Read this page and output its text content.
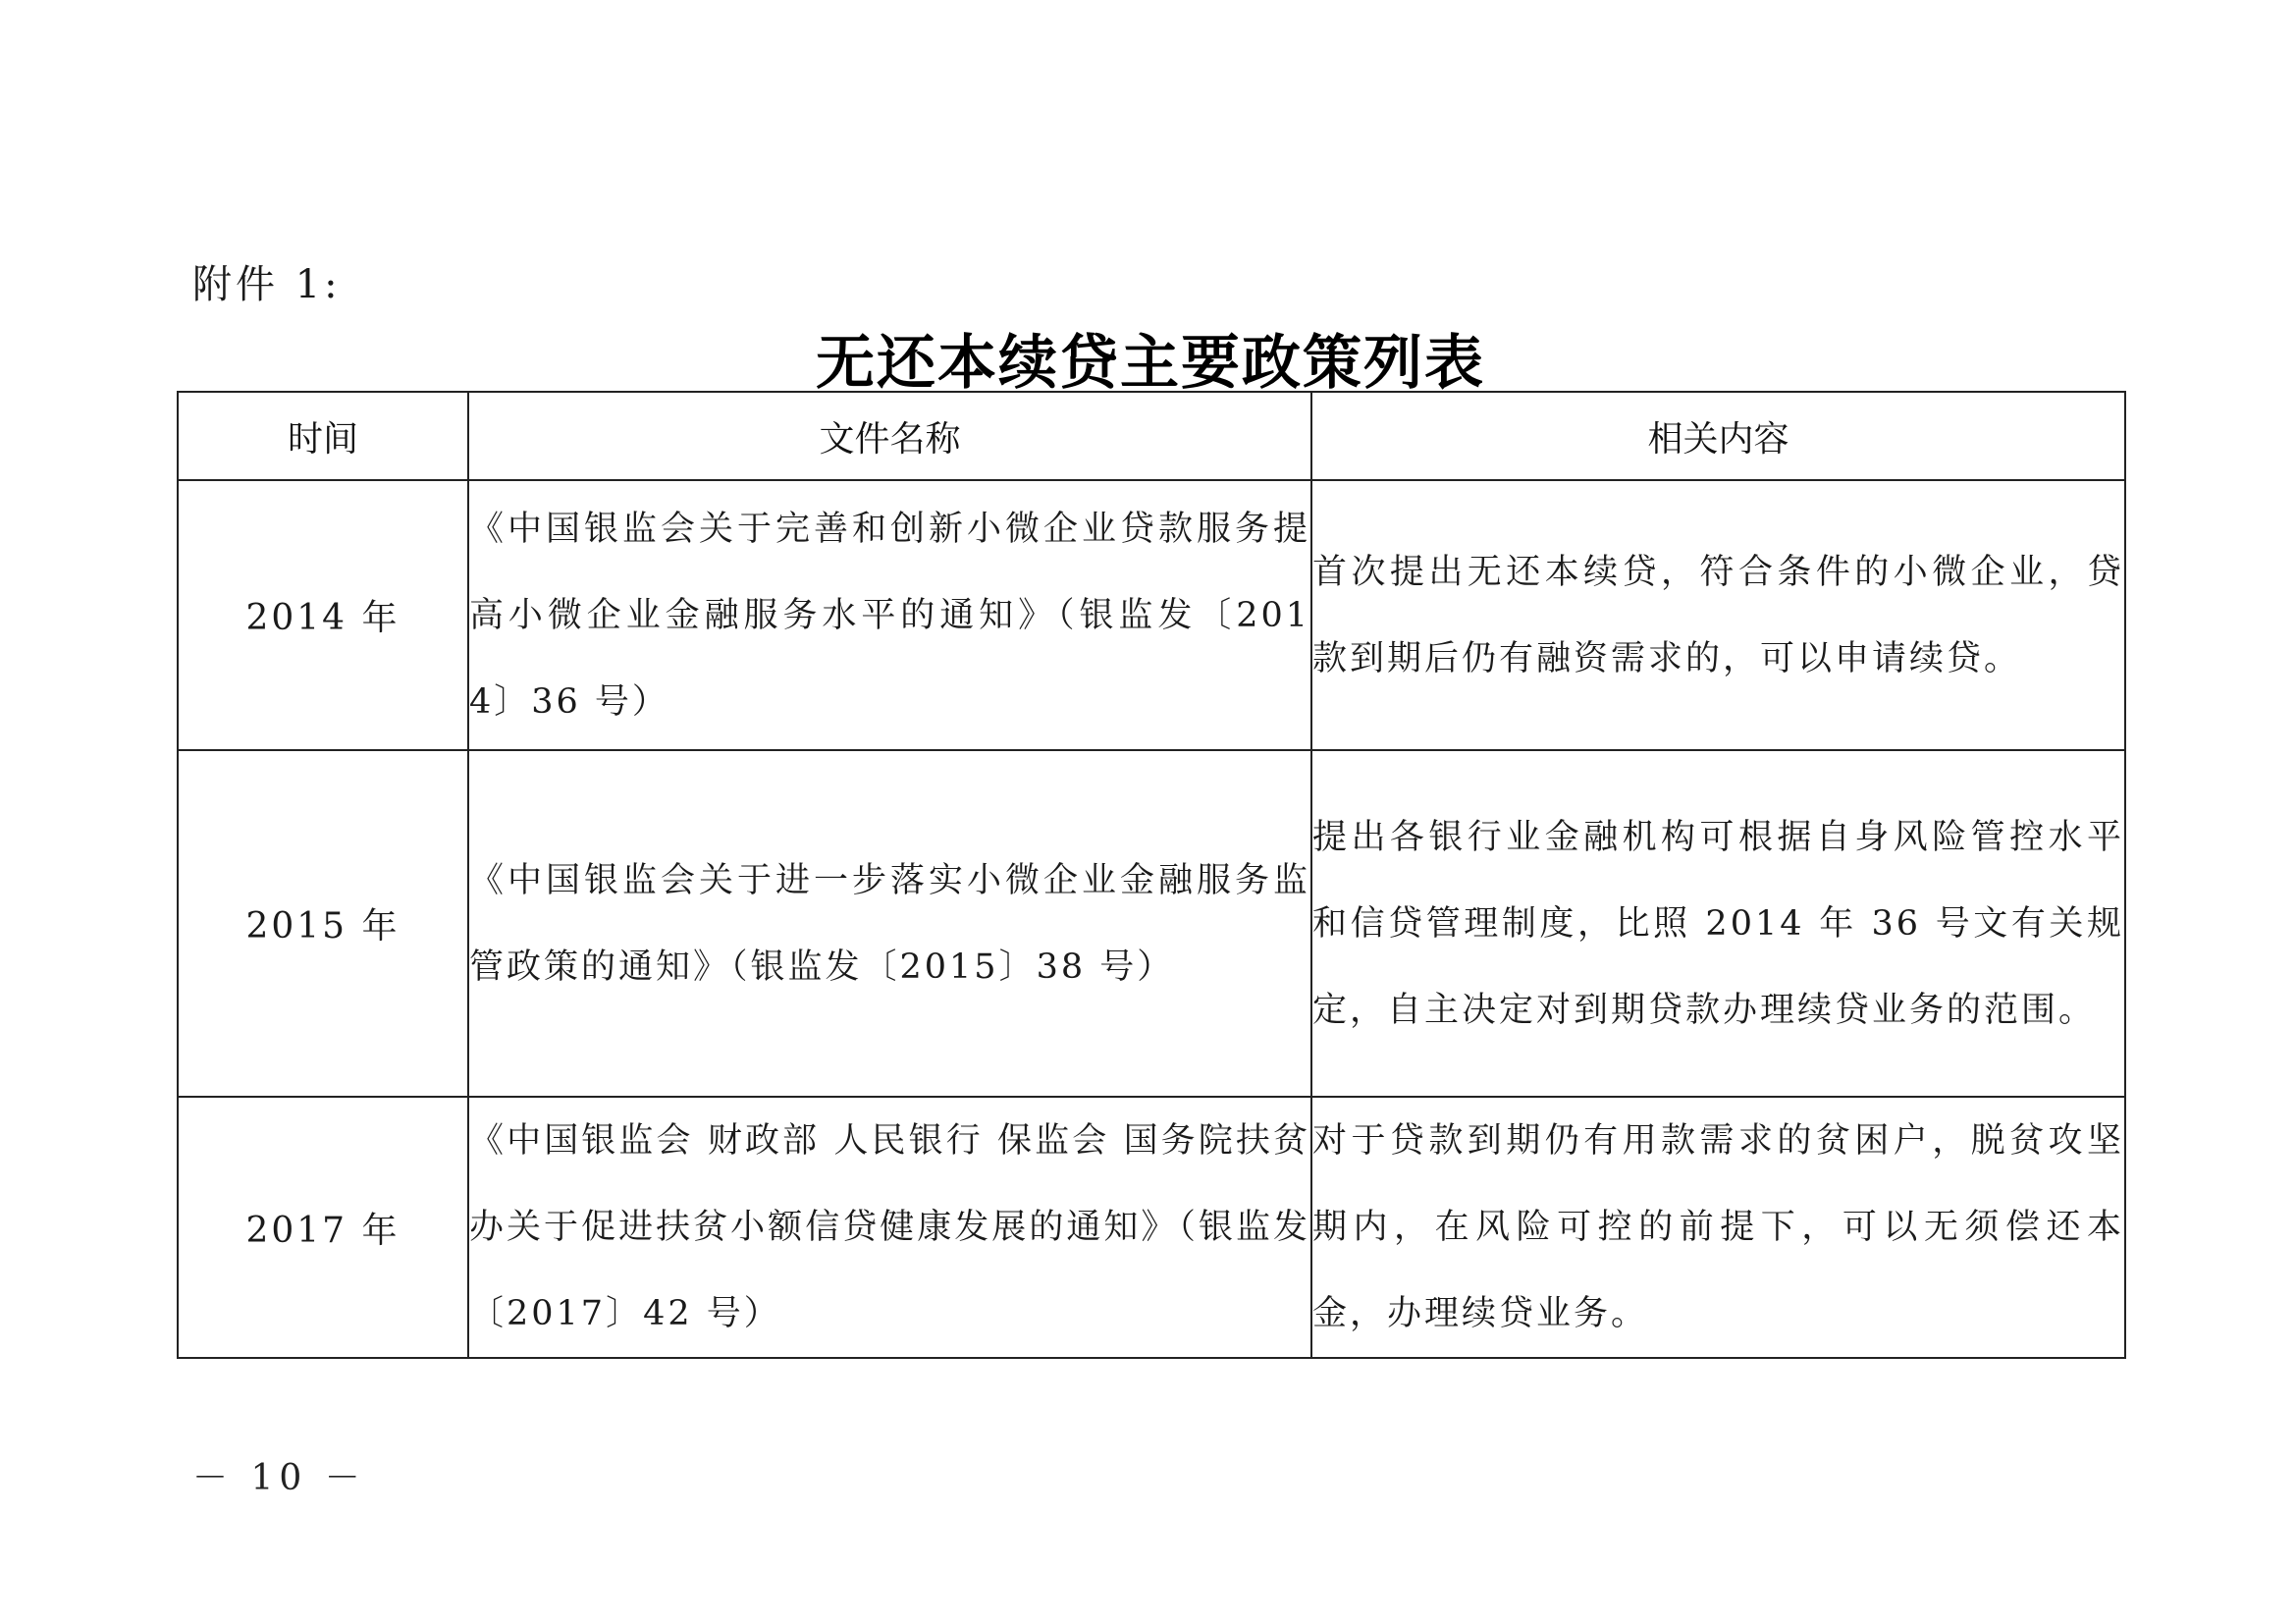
附件 1:
无还本续贷主要政策列表
时间	文件名称	相关内容
2014 年	《中国银监会关于完善和创新小微企业贷款服务提高小微企业金融服务水平的通知》（银监发〔2014〕36 号）	首次提出无还本续贷，符合条件的小微企业，贷款到期后仍有融资需求的，可以申请续贷。
2015 年	《中国银监会关于进一步落实小微企业金融服务监管政策的通知》（银监发〔2015〕38 号）	提出各银行业金融机构可根据自身风险管控水平和信贷管理制度，比照 2014 年 36 号文有关规定，自主决定对到期贷款办理续贷业务的范围。
2017 年	《中国银监会 财政部 人民银行 保监会 国务院扶贫办关于促进扶贫小额信贷健康发展的通知》（银监发〔2017〕42 号）	对于贷款到期仍有用款需求的贫困户，脱贫攻坚期内，在风险可控的前提下，可以无须偿还本金，办理续贷业务。
－ 10 －
